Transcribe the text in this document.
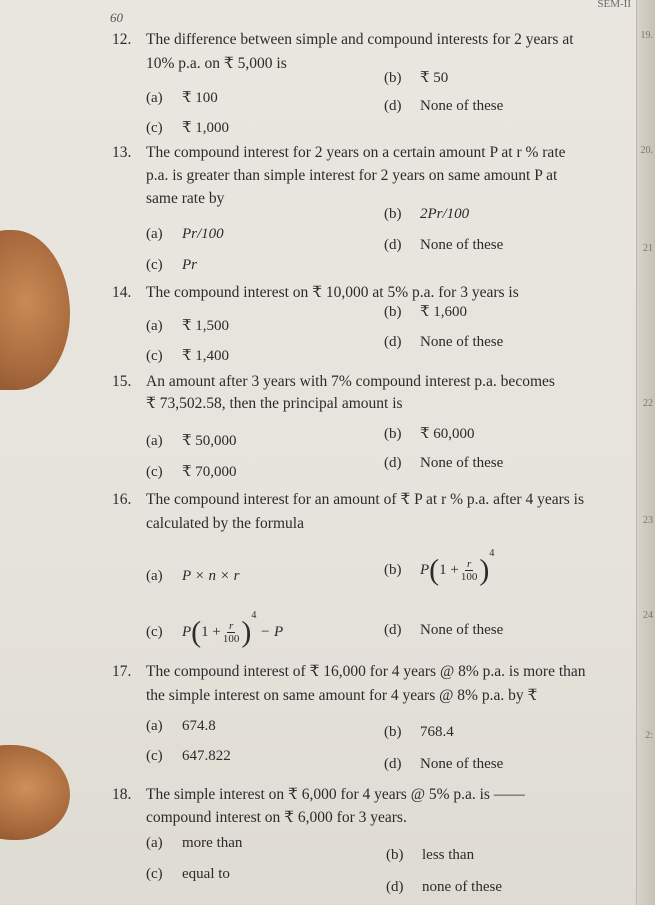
19.
20.
21
22
23
24
2:
60
SEM-II
12. The difference between simple and compound interests for 2 years at
10% p.a. on ₹ 5,000 is
(a) ₹ 100
(b) ₹ 50
(c) ₹ 1,000
(d) None of these
13. The compound interest for 2 years on a certain amount P at r % rate
p.a. is greater than simple interest for 2 years on same amount P at
same rate by
(a) Pr/100
(b) 2Pr/100
(c) Pr
(d) None of these
14. The compound interest on ₹ 10,000 at 5% p.a. for 3 years is
(a) ₹ 1,500
(b) ₹ 1,600
(c) ₹ 1,400
(d) None of these
15. An amount after 3 years with 7% compound interest p.a. becomes
₹ 73,502.58, then the principal amount is
(a) ₹ 50,000	(b) ₹ 60,000
(c) ₹ 70,000
(d) None of these
16. The compound interest for an amount of ₹ P at r % p.a. after 4 years is
calculated by the formula
(a) P × n × r	(b) $P(1 + \frac{r}{100} )^4$
(c) $P(1 + \frac{r}{100} )^4 - P$	(d) None of these
17. The compound interest of ₹ 16,000 for 4 years @ 8% p.a. is more than
the simple interest on same amount for 4 years @ 8% p.a. by ₹
(a) 674.8	(b) 768.4
(c) 647.822	(d) None of these
18. The simple interest on ₹ 6,000 for 4 years @ 5% p.a. is ——
compound interest on ₹ 6,000 for 3 years.
(a) more than
(b) less than
(c) equal to
(d) none of these
